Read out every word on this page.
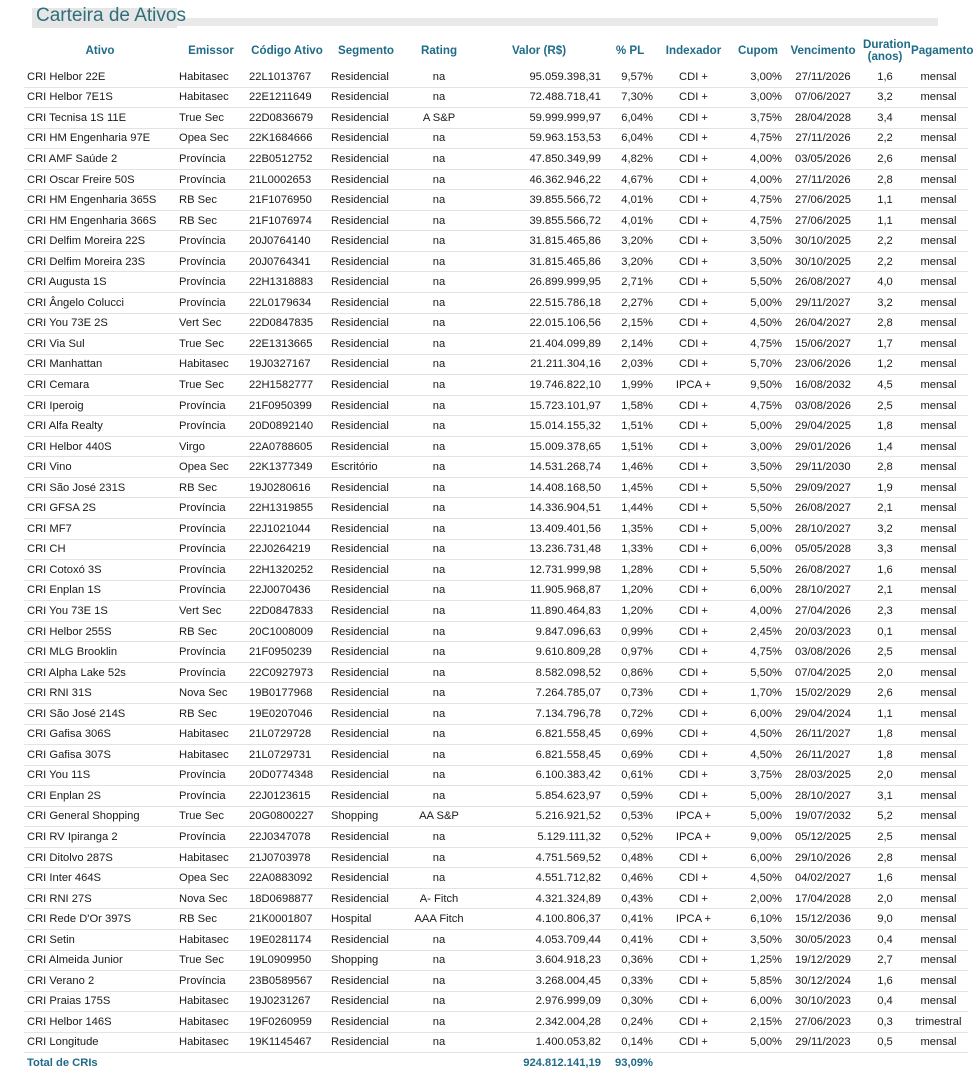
Carteira de Ativos
Ativo	Emissor	Código Ativo	Segmento	Rating	Valor (R$)	% PL	Indexador	Cupom	Vencimento	Duration (anos)	Pagamento
CRI Helbor 22E	Habitasec	22L1013767	Residencial	na	95.059.398,31	9,57%	CDI +	3,00%	27/11/2026	1,6	mensal
CRI Helbor 7E1S	Habitasec	22E1211649	Residencial	na	72.488.718,41	7,30%	CDI +	3,00%	07/06/2027	3,2	mensal
CRI Tecnisa 1S 11E	True Sec	22D0836679	Residencial	A S&P	59.999.999,97	6,04%	CDI +	3,75%	28/04/2028	3,4	mensal
CRI HM Engenharia 97E	Opea Sec	22K1684666	Residencial	na	59.963.153,53	6,04%	CDI +	4,75%	27/11/2026	2,2	mensal
CRI AMF Saúde 2	Província	22B0512752	Residencial	na	47.850.349,99	4,82%	CDI +	4,00%	03/05/2026	2,6	mensal
CRI Oscar Freire 50S	Província	21L0002653	Residencial	na	46.362.946,22	4,67%	CDI +	4,00%	27/11/2026	2,8	mensal
CRI HM Engenharia 365S	RB Sec	21F1076950	Residencial	na	39.855.566,72	4,01%	CDI +	4,75%	27/06/2025	1,1	mensal
CRI HM Engenharia 366S	RB Sec	21F1076974	Residencial	na	39.855.566,72	4,01%	CDI +	4,75%	27/06/2025	1,1	mensal
CRI Delfim Moreira 22S	Província	20J0764140	Residencial	na	31.815.465,86	3,20%	CDI +	3,50%	30/10/2025	2,2	mensal
CRI Delfim Moreira 23S	Província	20J0764341	Residencial	na	31.815.465,86	3,20%	CDI +	3,50%	30/10/2025	2,2	mensal
CRI Augusta 1S	Província	22H1318883	Residencial	na	26.899.999,95	2,71%	CDI +	5,50%	26/08/2027	4,0	mensal
CRI Ângelo Colucci	Província	22L0179634	Residencial	na	22.515.786,18	2,27%	CDI +	5,00%	29/11/2027	3,2	mensal
CRI You 73E 2S	Vert Sec	22D0847835	Residencial	na	22.015.106,56	2,15%	CDI +	4,50%	26/04/2027	2,8	mensal
CRI Via Sul	True Sec	22E1313665	Residencial	na	21.404.099,89	2,14%	CDI +	4,75%	15/06/2027	1,7	mensal
CRI Manhattan	Habitasec	19J0327167	Residencial	na	21.211.304,16	2,03%	CDI +	5,70%	23/06/2026	1,2	mensal
CRI Cemara	True Sec	22H1582777	Residencial	na	19.746.822,10	1,99%	IPCA +	9,50%	16/08/2032	4,5	mensal
CRI Iperoig	Província	21F0950399	Residencial	na	15.723.101,97	1,58%	CDI +	4,75%	03/08/2026	2,5	mensal
CRI Alfa Realty	Província	20D0892140	Residencial	na	15.014.155,32	1,51%	CDI +	5,00%	29/04/2025	1,8	mensal
CRI Helbor 440S	Virgo	22A0788605	Residencial	na	15.009.378,65	1,51%	CDI +	3,00%	29/01/2026	1,4	mensal
CRI Vino	Opea Sec	22K1377349	Escritório	na	14.531.268,74	1,46%	CDI +	3,50%	29/11/2030	2,8	mensal
CRI São José 231S	RB Sec	19J0280616	Residencial	na	14.408.168,50	1,45%	CDI +	5,50%	29/09/2027	1,9	mensal
CRI GFSA 2S	Província	22H1319855	Residencial	na	14.336.904,51	1,44%	CDI +	5,50%	26/08/2027	2,1	mensal
CRI MF7	Província	22J1021044	Residencial	na	13.409.401,56	1,35%	CDI +	5,00%	28/10/2027	3,2	mensal
CRI CH	Província	22J0264219	Residencial	na	13.236.731,48	1,33%	CDI +	6,00%	05/05/2028	3,3	mensal
CRI Cotoxó 3S	Província	22H1320252	Residencial	na	12.731.999,98	1,28%	CDI +	5,50%	26/08/2027	1,6	mensal
CRI Enplan 1S	Província	22J0070436	Residencial	na	11.905.968,87	1,20%	CDI +	6,00%	28/10/2027	2,1	mensal
CRI You 73E 1S	Vert Sec	22D0847833	Residencial	na	11.890.464,83	1,20%	CDI +	4,00%	27/04/2026	2,3	mensal
CRI Helbor 255S	RB Sec	20C1008009	Residencial	na	9.847.096,63	0,99%	CDI +	2,45%	20/03/2023	0,1	mensal
CRI MLG Brooklin	Província	21F0950239	Residencial	na	9.610.809,28	0,97%	CDI +	4,75%	03/08/2026	2,5	mensal
CRI Alpha Lake 52s	Província	22C0927973	Residencial	na	8.582.098,52	0,86%	CDI +	5,50%	07/04/2025	2,0	mensal
CRI RNI 31S	Nova Sec	19B0177968	Residencial	na	7.264.785,07	0,73%	CDI +	1,70%	15/02/2029	2,6	mensal
CRI São José 214S	RB Sec	19E0207046	Residencial	na	7.134.796,78	0,72%	CDI +	6,00%	29/04/2024	1,1	mensal
CRI Gafisa 306S	Habitasec	21L0729728	Residencial	na	6.821.558,45	0,69%	CDI +	4,50%	26/11/2027	1,8	mensal
CRI Gafisa 307S	Habitasec	21L0729731	Residencial	na	6.821.558,45	0,69%	CDI +	4,50%	26/11/2027	1,8	mensal
CRI You 11S	Província	20D0774348	Residencial	na	6.100.383,42	0,61%	CDI +	3,75%	28/03/2025	2,0	mensal
CRI Enplan 2S	Província	22J0123615	Residencial	na	5.854.623,97	0,59%	CDI +	5,00%	28/10/2027	3,1	mensal
CRI General Shopping	True Sec	20G0800227	Shopping	AA S&P	5.216.921,52	0,53%	IPCA +	5,00%	19/07/2032	5,2	mensal
CRI RV Ipiranga 2	Província	22J0347078	Residencial	na	5.129.111,32	0,52%	IPCA +	9,00%	05/12/2025	2,5	mensal
CRI Ditolvo 287S	Habitasec	21J0703978	Residencial	na	4.751.569,52	0,48%	CDI +	6,00%	29/10/2026	2,8	mensal
CRI Inter 464S	Opea Sec	22A0883092	Residencial	na	4.551.712,82	0,46%	CDI +	4,50%	04/02/2027	1,6	mensal
CRI RNI 27S	Nova Sec	18D0698877	Residencial	A- Fitch	4.321.324,89	0,43%	CDI +	2,00%	17/04/2028	2,0	mensal
CRI Rede D'Or 397S	RB Sec	21K0001807	Hospital	AAA Fitch	4.100.806,37	0,41%	IPCA +	6,10%	15/12/2036	9,0	mensal
CRI Setin	Habitasec	19E0281174	Residencial	na	4.053.709,44	0,41%	CDI +	3,50%	30/05/2023	0,4	mensal
CRI Almeida Junior	True Sec	19L0909950	Shopping	na	3.604.918,23	0,36%	CDI +	1,25%	19/12/2029	2,7	mensal
CRI Verano 2	Província	23B0589567	Residencial	na	3.268.004,45	0,33%	CDI +	5,85%	30/12/2024	1,6	mensal
CRI Praias 175S	Habitasec	19J0231267	Residencial	na	2.976.999,09	0,30%	CDI +	6,00%	30/10/2023	0,4	mensal
CRI Helbor 146S	Habitasec	19F0260959	Residencial	na	2.342.004,28	0,24%	CDI +	2,15%	27/06/2023	0,3	trimestral
CRI Longitude	Habitasec	19K1145467	Residencial	na	1.400.053,82	0,14%	CDI +	5,00%	29/11/2023	0,5	mensal
Total de CRIs					924.812.141,19	93,09%					
